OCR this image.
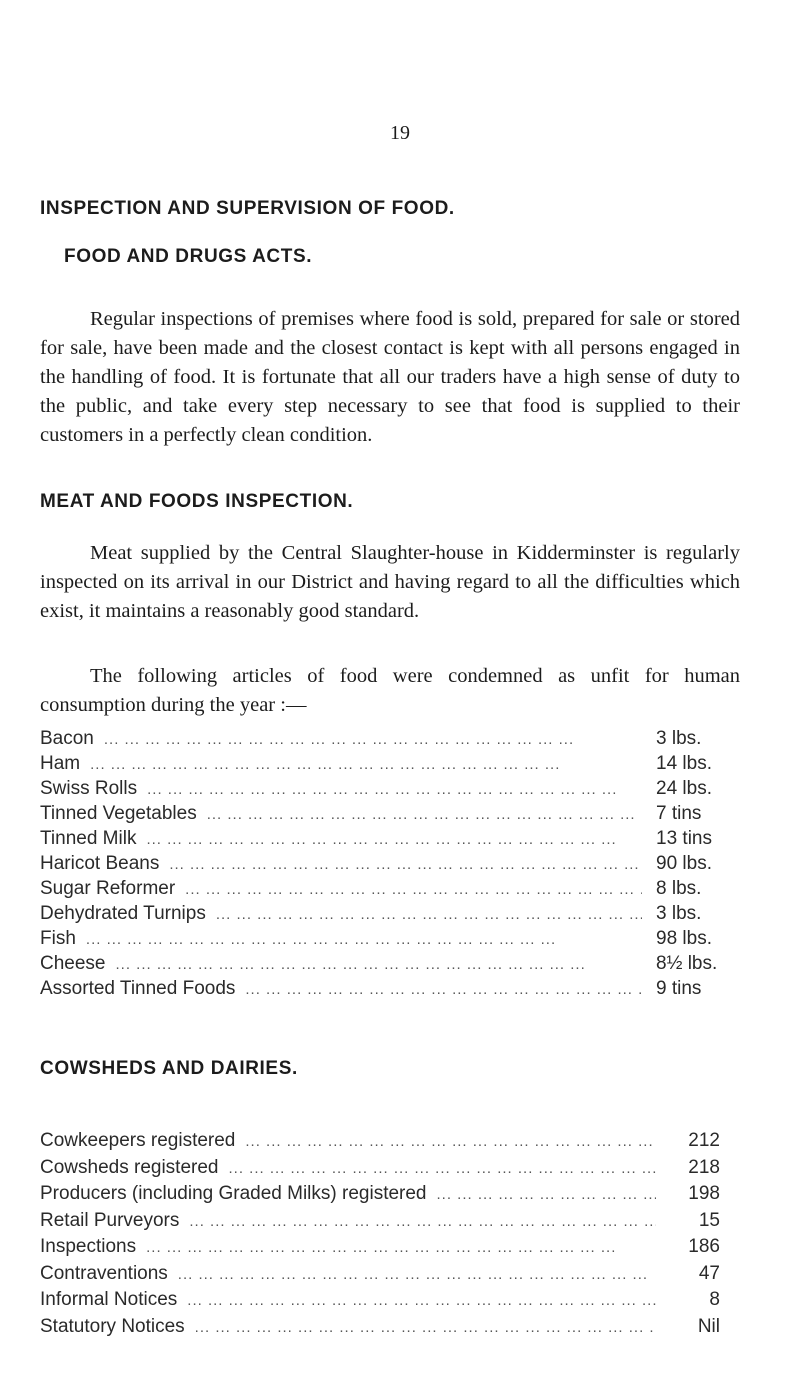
19
INSPECTION AND SUPERVISION OF FOOD.
FOOD AND DRUGS ACTS.

Regular inspections of premises where food is sold, prepared for sale or stored for sale, have been made and the closest contact is kept with all persons engaged in the handling of food. It is fortunate that all our traders have a high sense of duty to the public, and take every step necessary to see that food is supplied to their customers in a perfectly clean condition.

MEAT AND FOODS INSPECTION.

Meat supplied by the Central Slaughter-house in Kidderminster is regularly inspected on its arrival in our District and having regard to all the difficulties which exist, it maintains a reasonably good standard.

The following articles of food were condemned as unfit for human consumption during the year :—

Bacon ... .	3 lbs.
Ham ... .	14 lbs.
Swiss Rolls ... .	24 lbs.
Tinned Vegetables ... .	7 tins
Tinned Milk ... .	13 tins
Haricot Beans ... .	90 lbs.
Sugar Reformer ... .	8 lbs.
Dehydrated Turnips ... .	3 lbs.
Fish ... .	98 lbs.
Cheese ... .	8½ lbs.
Assorted Tinned Foods ... .	9 tins
COWSHEDS AND DAIRIES.
Cowkeepers registered ... .	212
Cowsheds registered ... .	218
Producers (including Graded Milks) registered ... .	198
Retail Purveyors ... .	15
Inspections ... .	186
Contraventions ... .	47
Informal Notices ... .	8
Statutory Notices ... .	Nil
